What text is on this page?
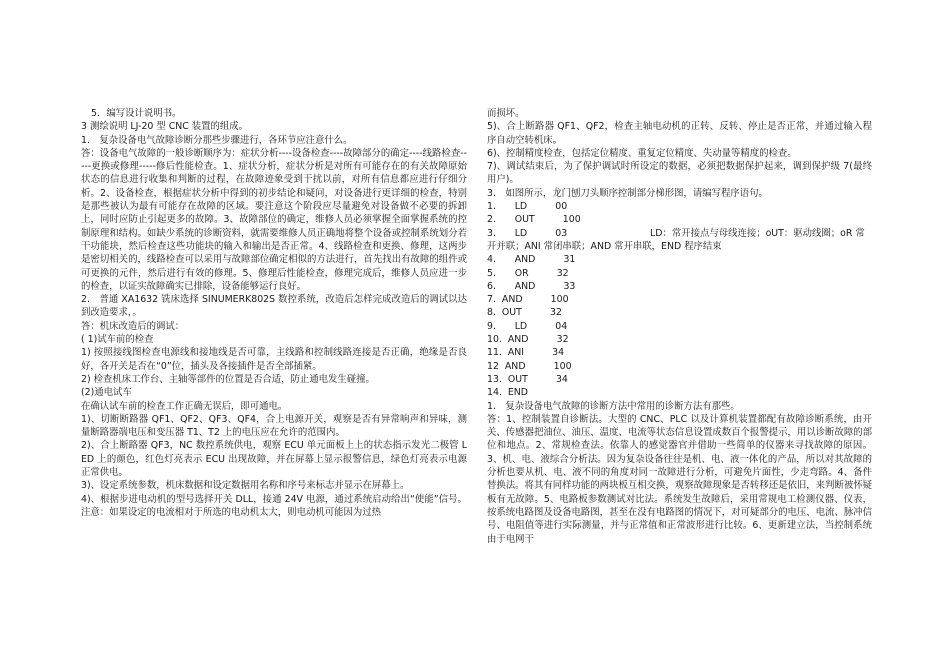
5．编写设计说明书。

3 测绘说明 LJ-20 型 CNC 装置的组成。

1.　复杂设备电气故障诊断分那些步骤进行，各环节应注意什么。

答：设备电气故障的一般诊断顺序为：症状分析----设备检查----故障部分的确定----线路检查-----更换或修理-----修后性能检查。1、症状分析，症状分析是对所有可能存在的有关故障原始状态的信息进行收集和判断的过程，在故障迹象受到干扰以前，对所有信息都应进行仔细分析。2、设备检查，根据症状分析中得到的初步结论和疑问，对设备进行更详细的检查，特别是那些被认为最有可能存在故障的区域。要注意这个阶段应尽量避免对设备做不必要的拆卸上，同时应防止引起更多的故障。3、故障部位的确定，维修人员必须掌握全面掌握系统的控制原理和结构。如缺少系统的诊断资料，就需要维修人员正确地将整个设备或控制系统划分若干功能块，然后检查这些功能块的输入和输出是否正常。4、线路检查和更换、修理，这两步是密切相关的，线路检查可以采用与故障部位确定相似的方法进行，首先找出有故障的组件或可更换的元件，然后进行有效的修理。5、修理后性能检查，修理完成后，维修人员应进一步的检查，以证实故障确实已排除，设备能够运行良好。

2.　普通 XA1632 铣床选择 SINUMERK802S 数控系统，改造后怎样完成改造后的调试以达到改造要求，。

答：机床改造后的调试：

( 1)试车前的检查

1) 按照接线图检查电源线和接地线是否可靠，主线路和控制线路连接是否正确，绝缘是否良好，各开关是否在“0”位，插头及各接插件是否全部插紧。

2) 检查机床工作台、主轴等部件的位置是否合适，防止通电发生碰撞。

(2)通电试车

在确认试车前的检查工作正确无误后，即可通电。

1)、切断断路器 QF1、QF2、QF3、QF4，合上电源开关，观察是否有异常响声和异味，测量断路器端电压和变压器 T1、T2 上的电压应在允许的范围内。

2)、合上断路器 QF3，NC 数控系统供电，观察 ECU 单元面板上上的状态指示发光二极管 LED 上的颜色，红色灯亮表示 ECU 出现故障，并在屏幕上显示报警信息，绿色灯亮表示电源正常供电。

3)、设定系统参数，机床数据和设定数据用名称和序号来标志并显示在屏幕上。

4)、根据步进电动机的型号选择开关 DLL，接通 24V 电源，通过系统启动给出“使能”信号。注意：如果设定的电流相对于所选的电动机太大，则电动机可能因为过热

而损坏。

5)、合上断路器 QF1、QF2，检查主轴电动机的正转、反转、停止是否正常，并通过输入程序自动空转机床。

6)、控制精度检查，包括定位精度、重复定位精度、失动量等精度的检查。

7)、调试结束后，为了保护调试时所设定的数据，必须把数据保护起来，调到保护级 7(最终用户)。

3.　如图所示，龙门刨刀头顺序控制部分梯形图，请编写程序语句。

1.　　LD　　　00

2.　　OUT　　　100

3.　　LD　　　03	LD：常开接点与母线连接；oUT：驱动线圈；oR 常开并联；ANI 常闭串联；AND 常开串联，END 程序结束

4.　　AND　　　31

5.　　OR　　　32

6.　　AND　　　33

7.  AND　　　100

8.  OUT　　　32

9.　　LD　　　04

10.  AND　　　32

11.  ANI　　　34

12  AND　　　100

13.  OUT　　　34

14.  END

1.　复杂设备电气故障的诊断方法中常用的诊断方法有那些。

答：1、控制装置自诊断法。大型的 CNC、PLC 以及计算机装置都配有故障诊断系统，由开关、传感器把油位、油压、温度、电流等状态信息设置成数百个报警提示，用以诊断故障的部位和地点。2、常规检查法。依靠人的感觉器官并借助一些简单的仪器来寻找故障的原因。3、机、电、液综合分析法。因为复杂设备往往是机、电、液一体化的产品，所以对其故障的分析也要从机、电、液不同的角度对同一故障进行分析，可避免片面性，少走弯路。4、备件替换法。将其有同样功能的两块板互相交换，观察故障现象是否转移还是依旧，来判断被怀疑板有无故障。5、电路板参数测试对比法。系统发生故障后，采用常规电工检测仪器、仪表，按系统电路图及设备电路图，甚至在没有电路图的情况下，对可疑部分的电压、电流、脉冲信号、电阻值等进行实际测量，并与正常值和正常波形进行比较。6、更新建立法，当控制系统由于电网干
